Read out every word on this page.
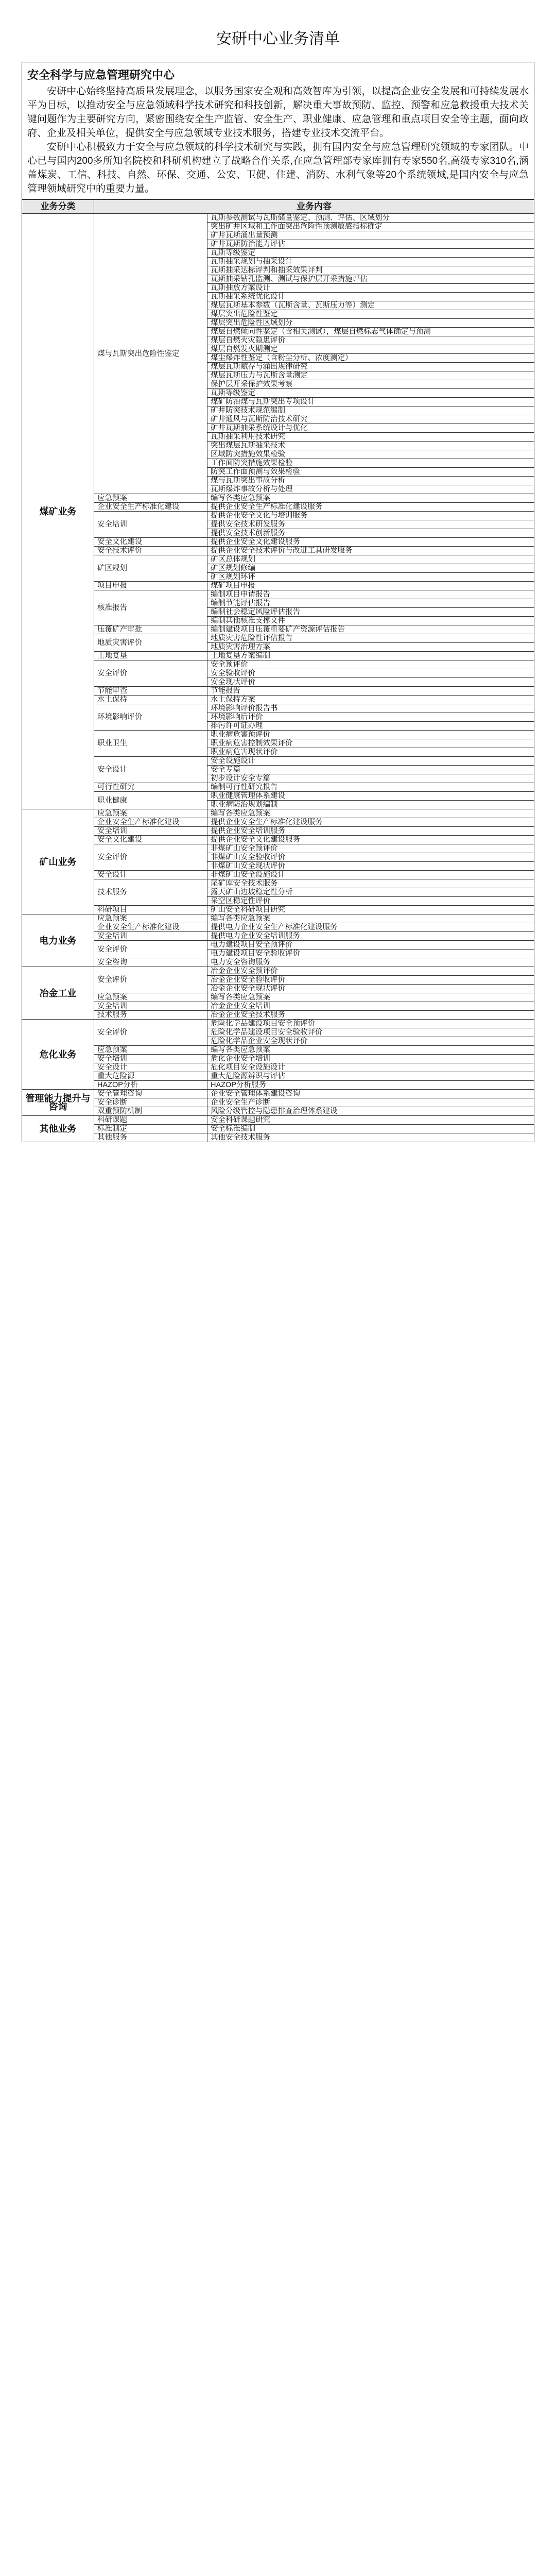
安研中心业务清单
安全科学与应急管理研究中心

安研中心始终坚持高质量发展理念，以服务国家安全观和高效智库为引领，以提高企业安全发展和可持续发展水平为目标，以推动安全与应急领域科学技术研究和科技创新，解决重大事故预防、监控、预警和应急救援重大技术关键问题作为主要研究方向，紧密围绕安全生产监管、安全生产、职业健康、应急管理和重点项目安全等主题，面向政府、企业及相关单位，提供安全与应急领域专业技术服务，搭建专业技术交流平台。

安研中心积极致力于安全与应急领域的科学技术研究与实践，拥有国内安全与应急管理研究领域的专家团队。中心已与国内200多所知名院校和科研机构建立了战略合作关系,在应急管理部专家库拥有专家550名,高级专家310名,涵盖煤炭、工信、科技、自然、环保、交通、公安、卫健、住建、消防、水利气象等20个系统领域,是国内安全与应急管理领域研究中的重要力量。

业务分类	业务内容	
煤矿业务	煤与瓦斯突出危险性鉴定	瓦斯参数测试与瓦斯储量鉴定、预测、评估、区域划分
		突出矿井区域和工作面突出危险性预测敏感指标确定
		矿井瓦斯涌出量预测
		矿井瓦斯防治能力评估
		瓦斯等级鉴定
		瓦斯抽采规划与抽采设计
		瓦斯抽采达标评判和抽采效果评判
		瓦斯抽采钻孔监测、测试与保护层开采措施评估
		瓦斯抽放方案设计
		瓦斯抽采系统优化设计
		煤层瓦斯基本参数（瓦斯含量、瓦斯压力等）测定
		煤层突出危险性鉴定
		煤层突出危险性区域划分
		煤层自燃倾向性鉴定（含相关测试），煤层自燃标志气体确定与预测
		煤层自燃火灾隐患评价
		煤层自燃发火期测定
		煤尘爆炸性鉴定（含粉尘分析、浓度测定）
		煤层瓦斯赋存与涌出规律研究
		煤层瓦斯压力与瓦斯含量测定
		保护层开采保护效果考察
		瓦斯等级鉴定
		煤矿防治煤与瓦斯突出专项设计
		矿井防突技术规范编制
		矿井通风与瓦斯防治技术研究
		矿井瓦斯抽采系统设计与优化
		瓦斯抽采利用技术研究
		突出煤层瓦斯抽采技术
		区域防突措施效果检验
		工作面防突措施效果检验
		防突工作面预测与效果检验
		煤与瓦斯突出事故分析
		瓦斯爆炸事故分析与处理
	应急预案	编写各类应急预案
	企业安全生产标准化建设	提供企业安全生产标准化建设服务
	安全培训	提供企业安全文化与培训服务
		提供安全技术研发服务
		提供安全技术创新服务
	安全文化建设	提供企业安全文化建设服务
	安全技术评价	提供企业安全技术评价与改进工具研发服务
	矿区规划	矿区总体规划
		矿区规划修编
		矿区规划环评
	项目申报	煤矿项目申报
	核准报告	编制项目申请报告
		编制节能评估报告
		编制社会稳定风险评估报告
		编制其他核准支撑文件
	压覆矿产审批	编制建设项目压覆重要矿产资源评估报告
	地质灾害评价	地质灾害危险性评估报告
		地质灾害治理方案
	土地复垦	土地复垦方案编制
	安全评价	安全预评价
		安全验收评价
		安全现状评价
	节能审查	节能报告
	水土保持	水土保持方案
	环境影响评价	环境影响评价报告书
		环境影响后评价
		排污许可证办理
	职业卫生	职业病危害预评价
		职业病危害控制效果评价
		职业病危害现状评价
	安全设计	安全设施设计
		安全专篇
		初步设计安全专篇
	可行性研究	编制可行性研究报告
	职业健康	职业健康管理体系建设
		职业病防治规划编制
矿山业务	应急预案	编写各类应急预案
	企业安全生产标准化建设	提供企业安全生产标准化建设服务
	安全培训	提供企业安全培训服务
	安全文化建设	提供企业安全文化建设服务
	安全评价	非煤矿山安全预评价
		非煤矿山安全验收评价
		非煤矿山安全现状评价
	安全设计	非煤矿山安全设施设计
	技术服务	尾矿库安全技术服务
		露天矿山边坡稳定性分析
		采空区稳定性评价
	科研项目	矿山安全科研项目研究
电力业务	应急预案	编写各类应急预案
	企业安全生产标准化建设	提供电力企业安全生产标准化建设服务
	安全培训	提供电力企业安全培训服务
	安全评价	电力建设项目安全预评价
		电力建设项目安全验收评价
	安全咨询	电力安全咨询服务
冶金工业	安全评价	冶金企业安全预评价
		冶金企业安全验收评价
		冶金企业安全现状评价
	应急预案	编写各类应急预案
	安全培训	冶金企业安全培训
	技术服务	冶金企业安全技术服务
危化业务	安全评价	危险化学品建设项目安全预评价
		危险化学品建设项目安全验收评价
		危险化学品企业安全现状评价
	应急预案	编写各类应急预案
	安全培训	危化企业安全培训
	安全设计	危化项目安全设施设计
	重大危险源	重大危险源辨识与评估
	HAZOP分析	HAZOP分析服务
管理能力提升与咨询	安全管理咨询	企业安全管理体系建设咨询
	安全诊断	企业安全生产诊断
	双重预防机制	风险分级管控与隐患排查治理体系建设
其他业务	科研课题	安全科研课题研究
	标准制定	安全标准编制
	其他服务	其他安全技术服务
